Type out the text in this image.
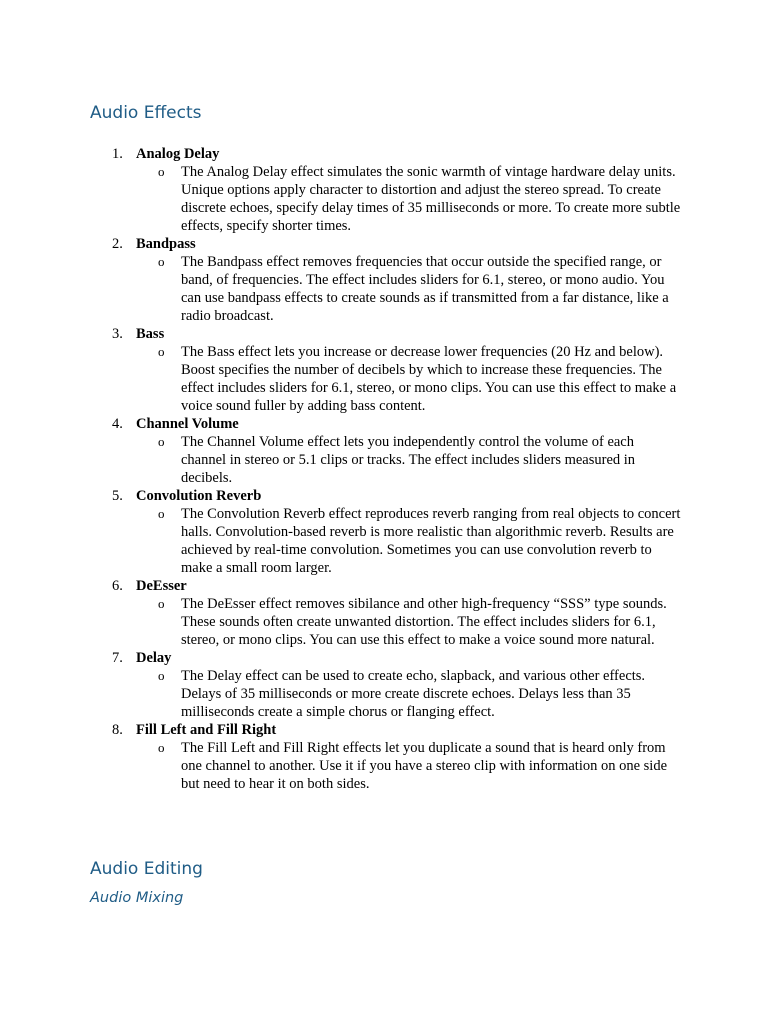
Audio Effects
1. Analog Delay
o The Analog Delay effect simulates the sonic warmth of vintage hardware delay units. Unique options apply character to distortion and adjust the stereo spread. To create discrete echoes, specify delay times of 35 milliseconds or more. To create more subtle effects, specify shorter times.

2. Bandpass
o The Bandpass effect removes frequencies that occur outside the specified range, or band, of frequencies. The effect includes sliders for 6.1, stereo, or mono audio. You can use bandpass effects to create sounds as if transmitted from a far distance, like a radio broadcast.

3. Bass
o The Bass effect lets you increase or decrease lower frequencies (20 Hz and below). Boost specifies the number of decibels by which to increase these frequencies. The effect includes sliders for 6.1, stereo, or mono clips. You can use this effect to make a voice sound fuller by adding bass content.

4. Channel Volume
o The Channel Volume effect lets you independently control the volume of each channel in stereo or 5.1 clips or tracks. The effect includes sliders measured in decibels.

5. Convolution Reverb
o The Convolution Reverb effect reproduces reverb ranging from real objects to concert halls. Convolution-based reverb is more realistic than algorithmic reverb. Results are achieved by real-time convolution. Sometimes you can use convolution reverb to make a small room larger.

6. DeEsser
o The DeEsser effect removes sibilance and other high-frequency “SSS” type sounds. These sounds often create unwanted distortion. The effect includes sliders for 6.1, stereo, or mono clips. You can use this effect to make a voice sound more natural.

7. Delay
o The Delay effect can be used to create echo, slapback, and various other effects. Delays of 35 milliseconds or more create discrete echoes. Delays less than 35 milliseconds create a simple chorus or flanging effect.

8. Fill Left and Fill Right
o The Fill Left and Fill Right effects let you duplicate a sound that is heard only from one channel to another. Use it if you have a stereo clip with information on one side but need to hear it on both sides.

Audio Editing
Audio Mixing
